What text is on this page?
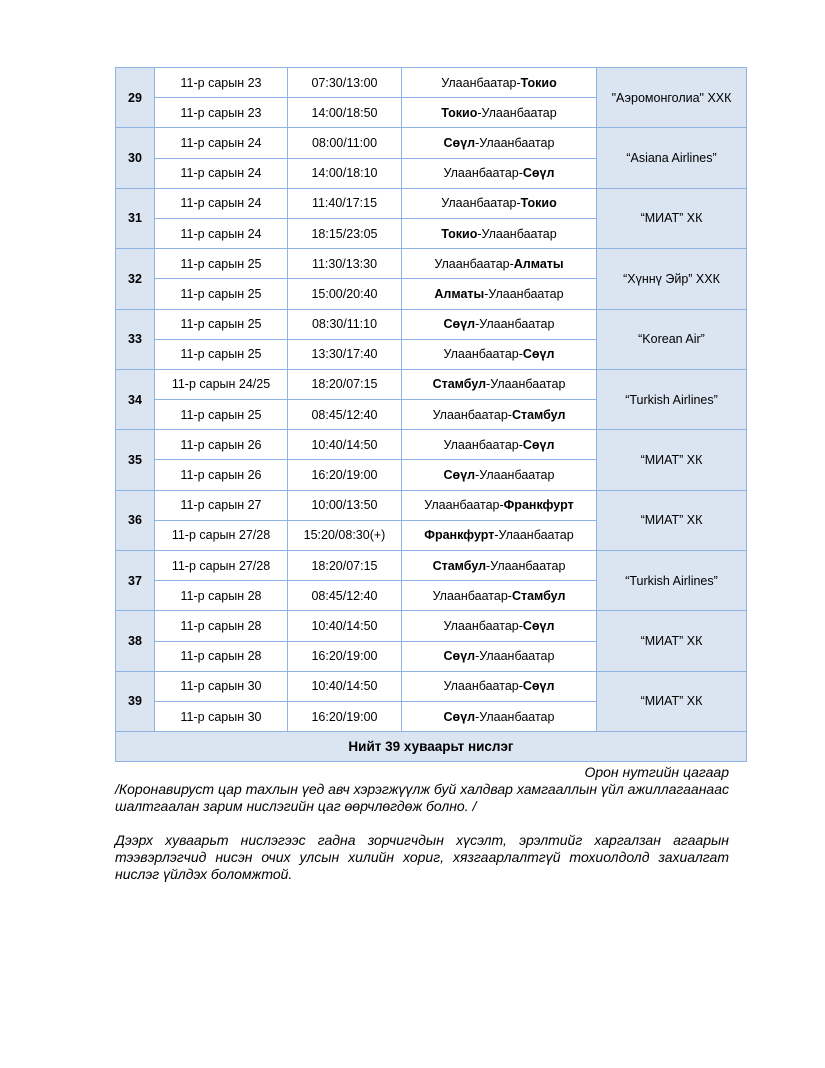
29	11-р сарын 23	07:30/13:00	Улаанбаатар-Токио	"Аэромонголиа" ХХК
	11-р сарын 23	14:00/18:50	Токио-Улаанбаатар	
30	11-р сарын 24	08:00/11:00	Сөүл-Улаанбаатар	“Asiana Airlines”
	11-р сарын 24	14:00/18:10	Улаанбаатар-Сөүл	
31	11-р сарын 24	11:40/17:15	Улаанбаатар-Токио	“МИАТ” ХК
	11-р сарын 24	18:15/23:05	Токио-Улаанбаатар	
32	11-р сарын 25	11:30/13:30	Улаанбаатар-Алматы	“Хүннү Эйр” ХХК
	11-р сарын 25	15:00/20:40	Алматы-Улаанбаатар	
33	11-р сарын 25	08:30/11:10	Сөүл-Улаанбаатар	“Korean Air”
	11-р сарын 25	13:30/17:40	Улаанбаатар-Сөүл	
34	11-р сарын 24/25	18:20/07:15	Стамбул-Улаанбаатар	“Turkish Airlines”
	11-р сарын 25	08:45/12:40	Улаанбаатар-Стамбул	
35	11-р сарын 26	10:40/14:50	Улаанбаатар-Сөүл	“МИАТ” ХК
	11-р сарын 26	16:20/19:00	Сөүл-Улаанбаатар	
36	11-р сарын 27	10:00/13:50	Улаанбаатар-Франкфурт	“МИАТ” ХК
	11-р сарын 27/28	15:20/08:30(+)	Франкфурт-Улаанбаатар	
37	11-р сарын 27/28	18:20/07:15	Стамбул-Улаанбаатар	“Turkish Airlines”
	11-р сарын 28	08:45/12:40	Улаанбаатар-Стамбул	
38	11-р сарын 28	10:40/14:50	Улаанбаатар-Сөүл	“МИАТ” ХК
	11-р сарын 28	16:20/19:00	Сөүл-Улаанбаатар	
39	11-р сарын 30	10:40/14:50	Улаанбаатар-Сөүл	“МИАТ” ХК
	11-р сарын 30	16:20/19:00	Сөүл-Улаанбаатар	
Нийт 39 хуваарьт нислэг				
Орон нутгийн цагаар

/Коронавируст цар тахлын үед авч хэрэгжүүлж буй халдвар хамгааллын үйл ажиллагаанаас шалтгаалан зарим нислэгийн цаг өөрчлөгдөж болно. /

Дээрх хуваарьт нислэгээс гадна зорчигчдын хүсэлт, эрэлтийг харгалзан агаарын тээвэрлэгчид нисэн очих улсын хилийн хориг, хязгаарлалтгүй тохиолдолд захиалгат нислэг үйлдэх боломжтой.
